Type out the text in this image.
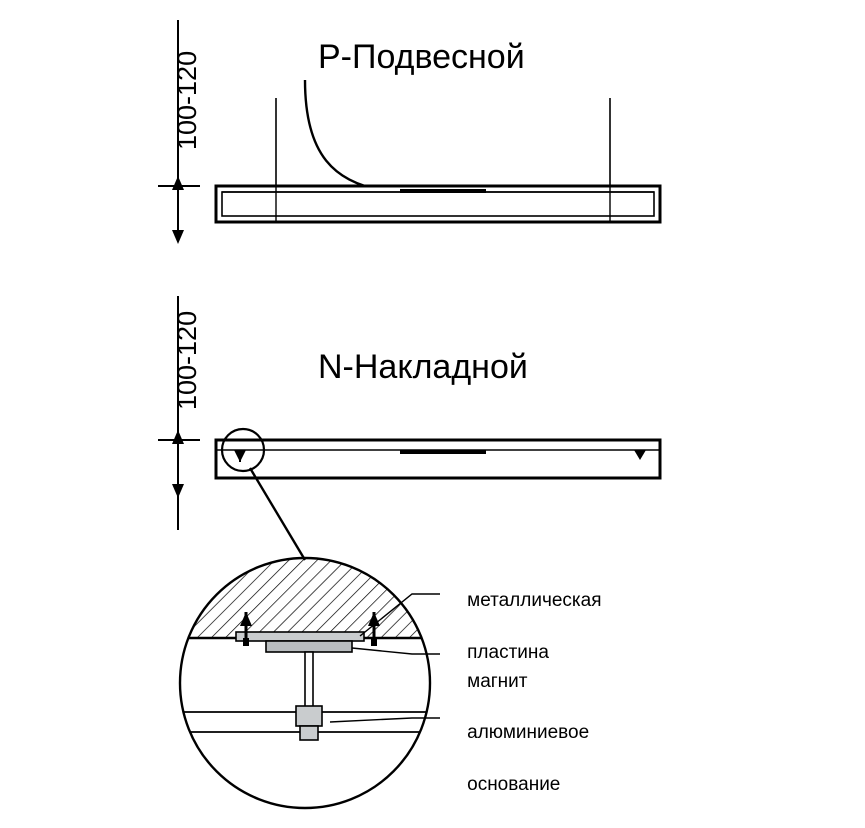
100-120
100-120
P-Подвесной
N-Накладной

металлическая

пластина

магнит

алюминиевое

основание
